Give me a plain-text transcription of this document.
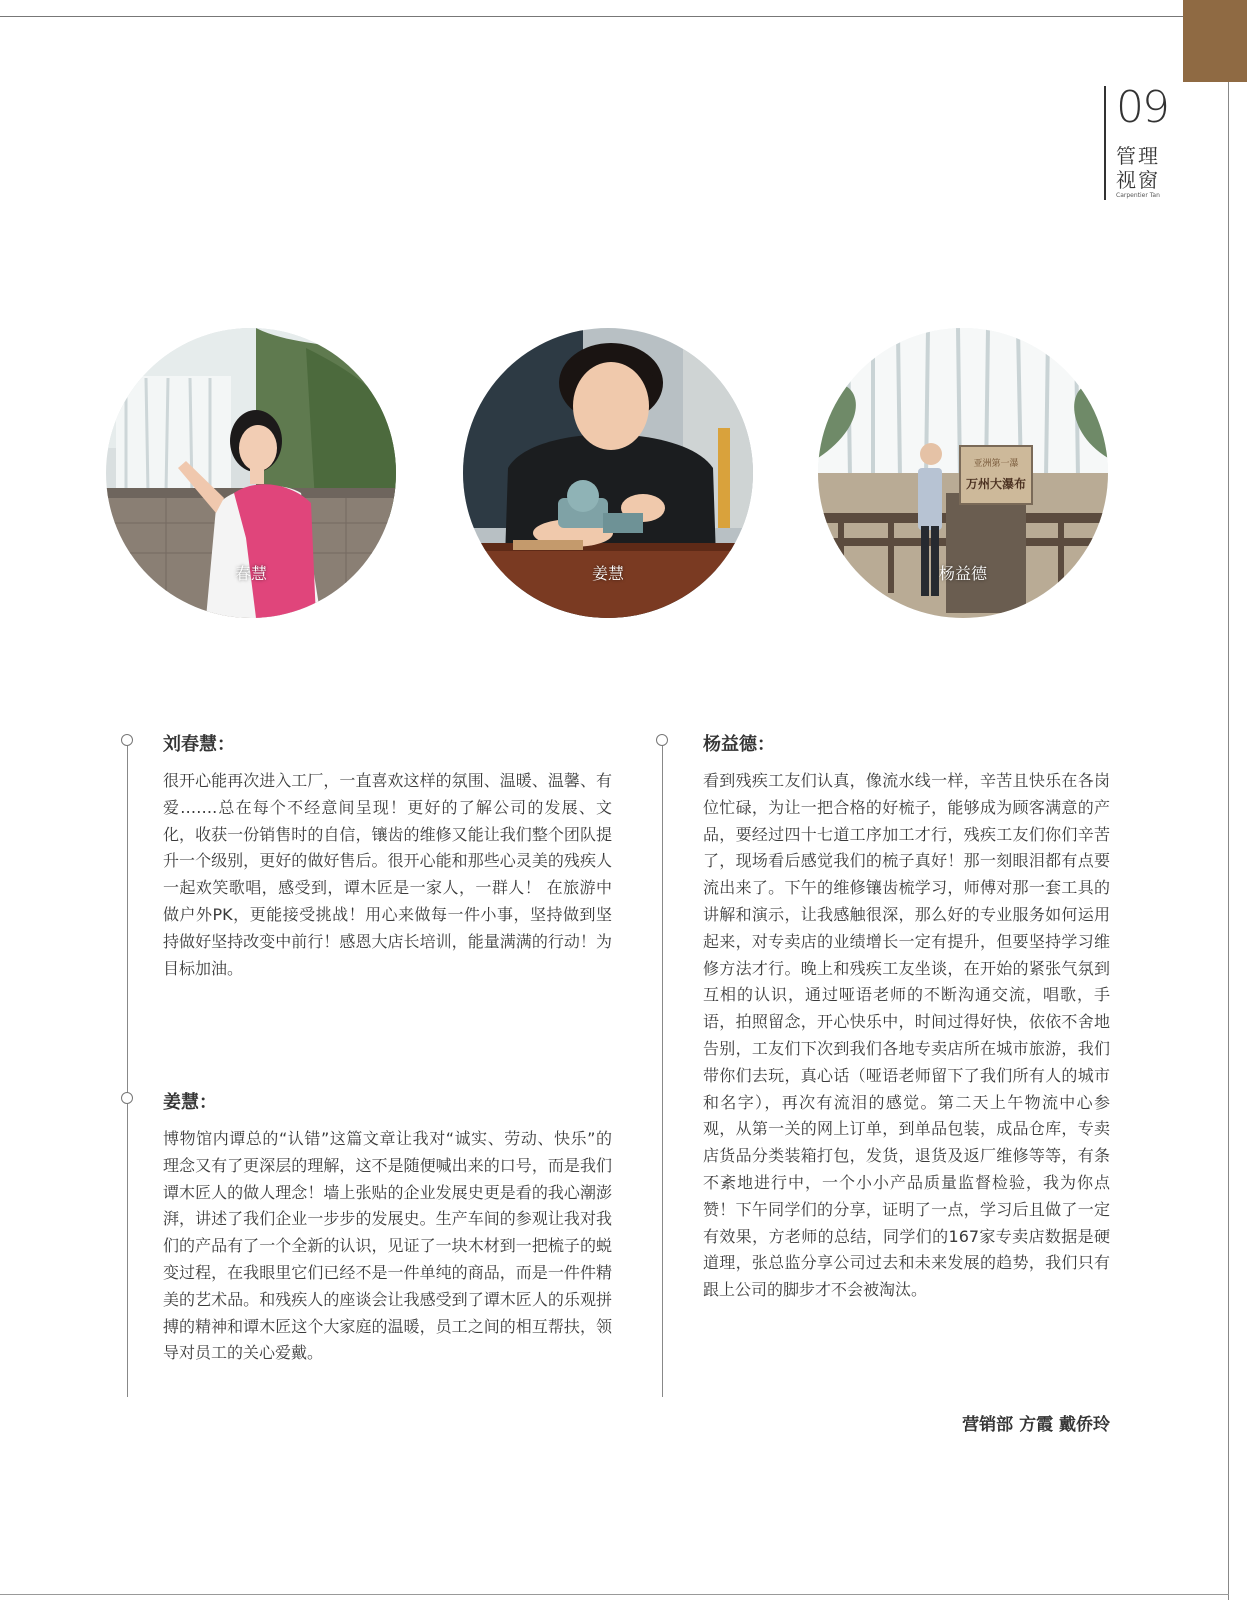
09
管理视窗
Carpentier Tan
春慧	姜慧
亚洲第一瀑
万州大瀑布
杨益德
刘春慧：

很开心能再次进入工厂，一直喜欢这样的氛围、温暖、温馨、有爱…….总在每个不经意间呈现！更好的了解公司的发展、文化，收获一份销售时的自信，镶齿的维修又能让我们整个团队提升一个级别，更好的做好售后。很开心能和那些心灵美的残疾人一起欢笑歌唱，感受到，谭木匠是一家人，一群人！ 在旅游中做户外PK，更能接受挑战！用心来做每一件小事，坚持做到坚持做好坚持改变中前行！感恩大店长培训，能量满满的行动！为目标加油。

姜慧：

博物馆内谭总的“认错”这篇文章让我对“诚实、劳动、快乐”的理念又有了更深层的理解，这不是随便喊出来的口号，而是我们谭木匠人的做人理念！墙上张贴的企业发展史更是看的我心潮澎湃，讲述了我们企业一步步的发展史。生产车间的参观让我对我们的产品有了一个全新的认识，见证了一块木材到一把梳子的蜕变过程，在我眼里它们已经不是一件单纯的商品，而是一件件精美的艺术品。和残疾人的座谈会让我感受到了谭木匠人的乐观拼搏的精神和谭木匠这个大家庭的温暖，员工之间的相互帮扶，领导对员工的关心爱戴。

杨益德：

看到残疾工友们认真，像流水线一样，辛苦且快乐在各岗位忙碌，为让一把合格的好梳子，能够成为顾客满意的产品，要经过四十七道工序加工才行，残疾工友们你们辛苦了，现场看后感觉我们的梳子真好！那一刻眼泪都有点要流出来了。下午的维修镶齿梳学习，师傅对那一套工具的讲解和演示，让我感触很深，那么好的专业服务如何运用起来，对专卖店的业绩增长一定有提升，但要坚持学习维修方法才行。晚上和残疾工友坐谈，在开始的紧张气氛到互相的认识，通过哑语老师的不断沟通交流，唱歌，手语，拍照留念，开心快乐中，时间过得好快，依依不舍地告别，工友们下次到我们各地专卖店所在城市旅游，我们带你们去玩，真心话（哑语老师留下了我们所有人的城市和名字），再次有流泪的感觉。第二天上午物流中心参观，从第一关的网上订单，到单品包装，成品仓库，专卖店货品分类装箱打包，发货，退货及返厂维修等等，有条不紊地进行中，一个小小产品质量监督检验，我为你点赞！下午同学们的分享，证明了一点，学习后且做了一定有效果，方老师的总结，同学们的167家专卖店数据是硬道理，张总监分享公司过去和未来发展的趋势，我们只有跟上公司的脚步才不会被淘汰。

营销部 方霞 戴侨玲
